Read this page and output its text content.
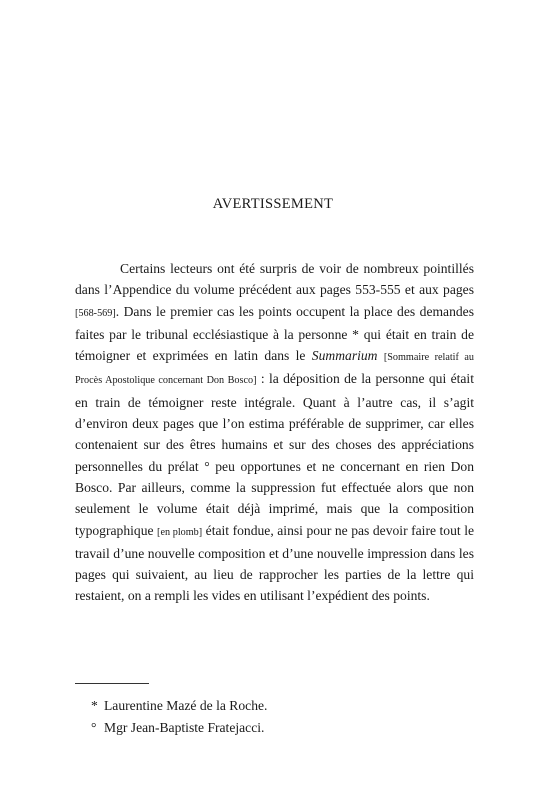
AVERTISSEMENT

Certains lecteurs ont été surpris de voir de nombreux pointillés dans l’Appendice du volume précédent aux pages 553-555 et aux pages [568-569]. Dans le premier cas les points occupent la place des demandes faites par le tribunal ecclésiastique à la personne * qui était en train de témoigner et exprimées en latin dans le Summarium [Sommaire relatif au Procès Apostolique concernant Don Bosco] : la déposition de la personne qui était en train de témoigner reste intégrale. Quant à l’autre cas, il s’agit d’environ deux pages que l’on estima préférable de supprimer, car elles contenaient sur des êtres humains et sur des choses des appréciations personnelles du prélat ° peu opportunes et ne concernant en rien Don Bosco. Par ailleurs, comme la suppression fut effectuée alors que non seulement le volume était déjà imprimé, mais que la composition typographique [en plomb] était fondue, ainsi pour ne pas devoir faire tout le travail d’une nouvelle composition et d’une nouvelle impression dans les pages qui suivaient, au lieu de rapprocher les parties de la lettre qui restaient, on a rempli les vides en utilisant l’expédient des points.

* Laurentine Mazé de la Roche.
° Mgr Jean-Baptiste Fratejacci.
